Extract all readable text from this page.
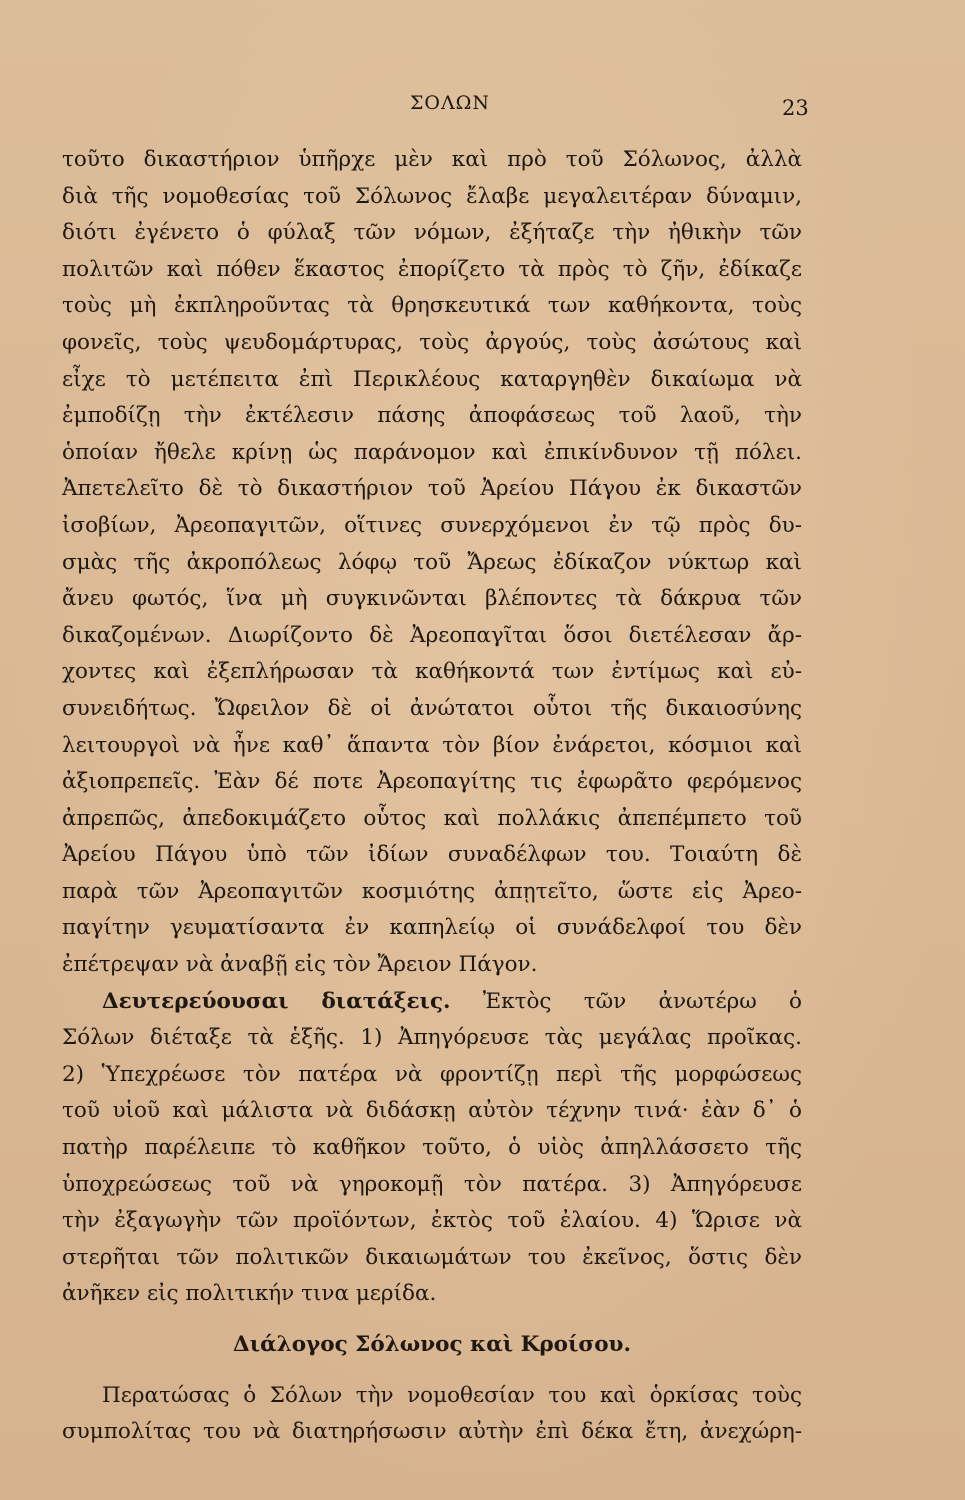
ΣΟΛΩΝ	23
τοῦτο δικαστήριον ὑπῆρχε μὲν καὶ πρὸ τοῦ Σόλωνος, ἀλλὰ
διὰ τῆς νομοθεσίας τοῦ Σόλωνος ἔλαβε μεγαλειτέραν δύναμιν,
διότι ἐγένετο ὁ φύλαξ τῶν νόμων, ἐξήταζε τὴν ἠθικὴν τῶν
πολιτῶν καὶ πόθεν ἕκαστος ἐπορίζετο τὰ πρὸς τὸ ζῆν, ἐδίκαζε
τοὺς μὴ ἐκπληροῦντας τὰ θρησκευτικά των καθήκοντα, τοὺς
φονεῖς, τοὺς ψευδομάρτυρας, τοὺς ἀργούς, τοὺς ἀσώτους καὶ
εἶχε τὸ μετέπειτα ἐπὶ Περικλέους καταργηθὲν δικαίωμα νὰ
ἐμποδίζῃ τὴν ἐκτέλεσιν πάσης ἀποφάσεως τοῦ λαοῦ, τὴν
ὁποίαν ἤθελε κρίνῃ ὡς παράνομον καὶ ἐπικίνδυνον τῇ πόλει.
Ἀπετελεῖτο δὲ τὸ δικαστήριον τοῦ Ἀρείου Πάγου ἐκ δικαστῶν
ἰσοβίων, Ἀρεοπαγιτῶν, οἵτινες συνερχόμενοι ἐν τῷ πρὸς δυ-
σμὰς τῆς ἀκροπόλεως λόφῳ τοῦ Ἄρεως ἐδίκαζον νύκτωρ καὶ
ἄνευ φωτός, ἵνα μὴ συγκινῶνται βλέποντες τὰ δάκρυα τῶν
δικαζομένων. Διωρίζοντο δὲ Ἀρεοπαγῖται ὅσοι διετέλεσαν ἄρ-
χοντες καὶ ἐξεπλήρωσαν τὰ καθήκοντά των ἐντίμως καὶ εὐ-
συνειδήτως. Ὤφειλον δὲ οἱ ἀνώτατοι οὗτοι τῆς δικαιοσύνης
λειτουργοὶ νὰ ἦνε καθ᾽ ἅπαντα τὸν βίον ἐνάρετοι, κόσμιοι καὶ
ἀξιοπρεπεῖς. Ἐὰν δέ ποτε Ἀρεοπαγίτης τις ἐφωρᾶτο φερόμενος
ἀπρεπῶς, ἀπεδοκιμάζετο οὗτος καὶ πολλάκις ἀπεπέμπετο τοῦ
Ἀρείου Πάγου ὑπὸ τῶν ἰδίων συναδέλφων του. Τοιαύτη δὲ
παρὰ τῶν Ἀρεοπαγιτῶν κοσμιότης ἀπῃτεῖτο, ὥστε εἰς Ἀρεο-
παγίτην γευματίσαντα ἐν καπηλείῳ οἱ συνάδελφοί του δὲν
ἐπέτρεψαν νὰ ἀναβῇ εἰς τὸν Ἄρειον Πάγον.
Δευτερεύουσαι διατάξεις. Ἐκτὸς τῶν ἀνωτέρω ὁ
Σόλων διέταξε τὰ ἑξῆς. 1) Ἀπηγόρευσε τὰς μεγάλας προῖκας.
2) Ὑπεχρέωσε τὸν πατέρα νὰ φροντίζῃ περὶ τῆς μορφώσεως
τοῦ υἱοῦ καὶ μάλιστα νὰ διδάσκῃ αὐτὸν τέχνην τινά· ἐὰν δ᾽ ὁ
πατὴρ παρέλειπε τὸ καθῆκον τοῦτο, ὁ υἱὸς ἀπηλλάσσετο τῆς
ὑποχρεώσεως τοῦ νὰ γηροκομῇ τὸν πατέρα. 3) Ἀπηγόρευσε
τὴν ἐξαγωγὴν τῶν προϊόντων, ἐκτὸς τοῦ ἐλαίου. 4) Ὥρισε νὰ
στερῆται τῶν πολιτικῶν δικαιωμάτων του ἐκεῖνος, ὅστις δὲν
ἀνῆκεν εἰς πολιτικήν τινα μερίδα.
Διάλογος Σόλωνος καὶ Κροίσου.
Περατώσας ὁ Σόλων τὴν νομοθεσίαν του καὶ ὁρκίσας τοὺς
συμπολίτας του νὰ διατηρήσωσιν αὐτὴν ἐπὶ δέκα ἔτη, ἀνεχώρη-
